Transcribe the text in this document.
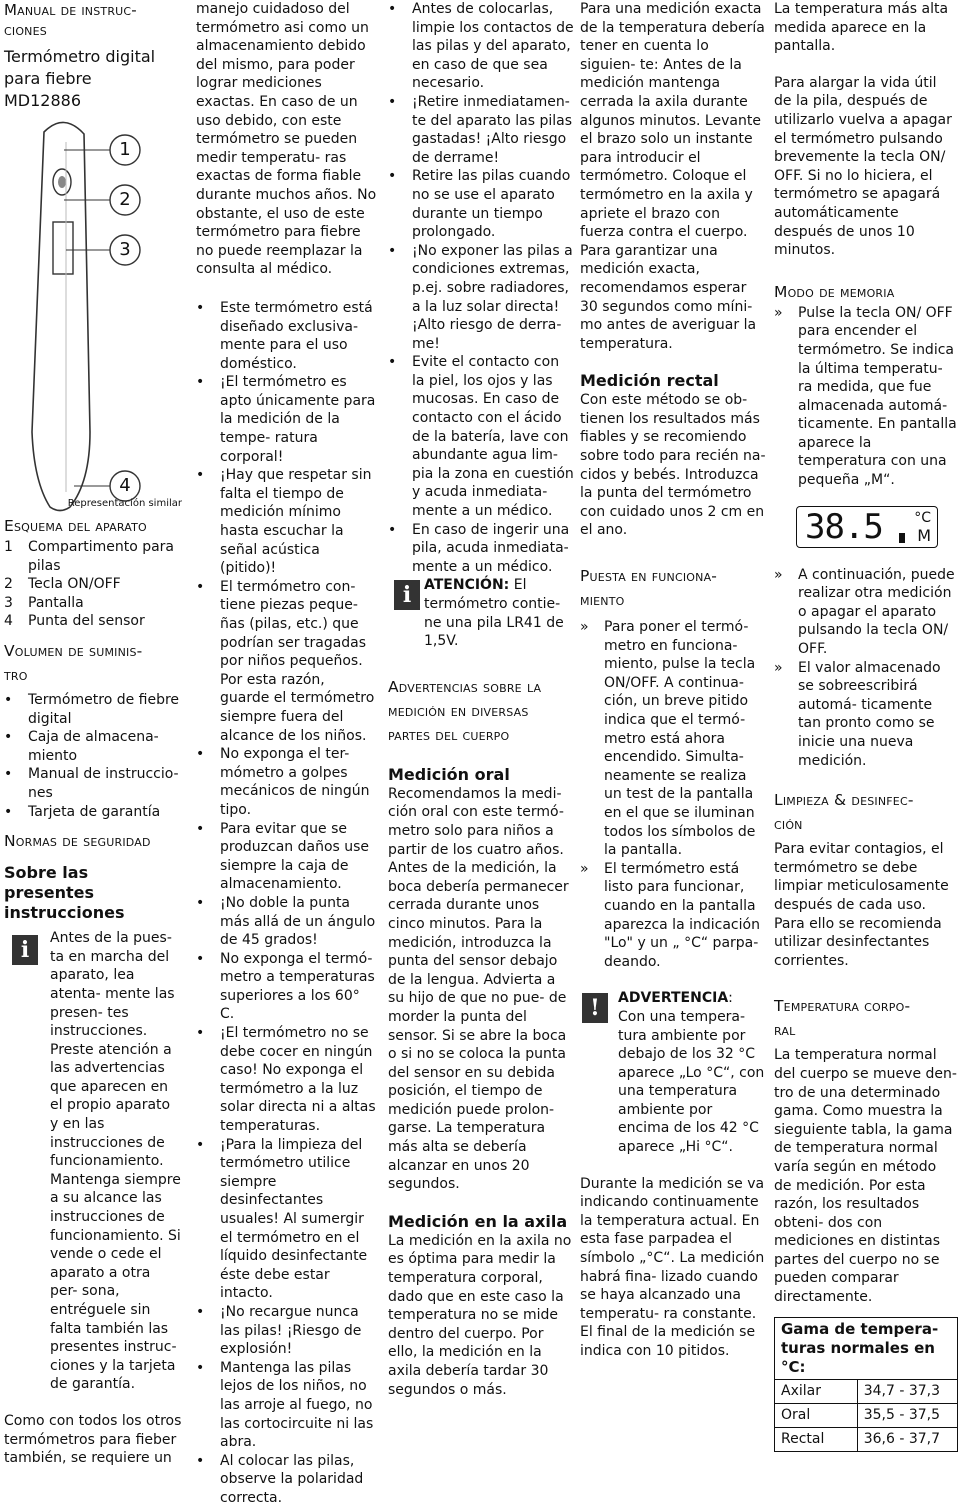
Manual de instruc-
ciones
Termómetro digital para fiebre MD12886
1
2
3
4
Representación similar
Esquema del aparato
1 Compartimento para pilas
2 Tecla ON/OFF
3 Pantalla
4 Punta del sensor
Volumen de suminis-
tro
• Termómetro de fiebre digital
• Caja de almacena- miento
• Manual de instruccio- nes
• Tarjeta de garantía
Normas de seguridad
Sobre las presentes instrucciones
i	Antes de la pues- ta en marcha del aparato, lea atenta- mente las presen- tes instrucciones. Preste atención a las advertencias que aparecen en el propio aparato y en las instrucciones de funcionamiento. Mantenga siempre a su alcance las instrucciones de funcionamiento. Si vende o cede el aparato a otra per- sona, entréguele sin falta también las presentes instruc- ciones y la tarjeta de garantía.

Como con todos los otros termómetros para fieber también, se requiere un

manejo cuidadoso del termómetro asi como un almacenamiento debido del mismo, para poder lograr mediciones exactas. En caso de un uso debido, con este termómetro se pueden medir temperatu- ras exactas de forma fiable durante muchos años. No obstante, el uso de este termómetro para fiebre no puede reemplazar la consulta al médico.

• Este termómetro está diseñado exclusiva- mente para el uso doméstico.
• ¡El termómetro es apto únicamente para la medición de la tempe- ratura corporal!
• ¡Hay que respetar sin falta el tiempo de medición mínimo hasta escuchar la señal acústica (pitido)!
• El termómetro con- tiene piezas peque- ñas (pilas, etc.) que podrían ser tragadas por niños pequeños. Por esta razón, guarde el termómetro siempre fuera del alcance de los niños.
• No exponga el ter- mómetro a golpes mecánicos de ningún tipo.
• Para evitar que se produzcan daños use siempre la caja de almacenamiento.
• ¡No doble la punta más allá de un ángulo de 45 grados!
• No exponga el termó- metro a temperaturas superiores a los 60° C.
• ¡El termómetro no se debe cocer en ningún caso! No exponga el termómetro a la luz solar directa ni a altas temperaturas.
• ¡Para la limpieza del termómetro utilice siempre desinfectantes usuales! Al sumergir el termómetro en el líquido desinfectante éste debe estar intacto.
• ¡No recargue nunca las pilas! ¡Riesgo de explosión!
• Mantenga las pilas lejos de los niños, no las arroje al fuego, no las cortocircuite ni las abra.
• Al colocar las pilas, observe la polaridad correcta.
• Antes de colocarlas, limpie los contactos de las pilas y del aparato, en caso de que sea necesario.
• ¡Retire inmediatamen- te del aparato las pilas gastadas! ¡Alto riesgo de derrame!
• Retire las pilas cuando no se use el aparato durante un tiempo prolongado.
• ¡No exponer las pilas a condiciones extremas, p.ej. sobre radiadores, a la luz solar directa! ¡Alto riesgo de derra- me!
• Evite el contacto con la piel, los ojos y las mucosas. En caso de contacto con el ácido de la batería, lave con abundante agua lim- pia la zona en cuestión y acuda inmediata- mente a un médico.
• En caso de ingerir una pila, acuda inmediata- mente a un médico.
i ATENCIÓN: El termómetro contie- ne una pila LR41 de 1,5V.

Advertencias sobre la
medición en diversas
partes del cuerpo
Medición oral

Recomendamos la medi- ción oral con este termó- metro solo para niños a partir de los cuatro años. Antes de la medición, la boca debería permanecer cerrada durante unos cinco minutos. Para la medición, introduzca la punta del sensor debajo de la lengua. Advierta a su hijo de que no pue- de morder la punta del sensor. Si se abre la boca o si no se coloca la punta del sensor en su debida posición, el tiempo de medición puede prolon- garse. La temperatura más alta se debería alcanzar en unos 20 segundos.

Medición en la axila

La medición en la axila no es óptima para medir la temperatura corporal, dado que en este caso la temperatura no se mide dentro del cuerpo. Por ello, la medición en la axila debería tardar 30 segundos o más.

Para una medición exacta de la temperatura debería tener en cuenta lo siguien- te: Antes de la medición mantenga cerrada la axila durante algunos minutos. Levante el brazo solo un instante para introducir el termómetro. Coloque el termómetro en la axila y apriete el brazo con fuerza contra el cuerpo. Para garantizar una medición exacta, recomendamos esperar 30 segundos como míni- mo antes de averiguar la temperatura.

Medición rectal

Con este método se ob- tienen los resultados más fiables y se recomiendo sobre todo para recién na- cidos y bebés. Introduzca la punta del termómetro con cuidado unos 2 cm en el ano.

Puesta en funciona-
miento
» Para poner el termó- metro en funciona- miento, pulse la tecla ON/OFF. A continua- ción, un breve pitido indica que el termó- metro está ahora encendido. Simulta- neamente se realiza un test de la pantalla en el que se iluminan todos los símbolos de la pantalla.
» El termómetro está listo para funcionar, cuando en la pantalla aparezca la indicación "Lo" y un „ °C“ parpa- deando.
!	ADVERTENCIA:

Con una tempera- tura ambiente por debajo de los 32 °C aparece „Lo °C“, con una temperatura ambiente por encima de los 42 °C aparece „Hi °C“.

Durante la medición se va indicando continuamente la temperatura actual. En esta fase parpadea el símbolo „°C“. La medición habrá fina- lizado cuando se haya alcanzado una temperatu- ra constante. El final de la medición se indica con 10 pitidos.

La temperatura más alta medida aparece en la pantalla.

Para alargar la vida útil de la pila, después de utilizarlo vuelva a apagar el termómetro pulsando brevemente la tecla ON/ OFF. Si no lo hiciera, el termómetro se apagará automáticamente después de unos 10 minutos.

Modo de memoria
» Pulse la tecla ON/ OFF para encender el termómetro. Se indica la última temperatu- ra medida, que fue almacenada automá- ticamente. En pantalla aparece la temperatura con una pequeña „M“.
38.5 °C
M
» A continuación, puede realizar otra medición o apagar el aparato pulsando la tecla ON/ OFF.
» El valor almacenado se sobreescribirá automá- ticamente tan pronto como se inicie una nueva medición.
Limpieza & desinfec-
ción

Para evitar contagios, el termómetro se debe limpiar meticulosamente después de cada uso. Para ello se recomienda utilizar desinfectantes corrientes.

Temperatura corpo-
ral

La temperatura normal del cuerpo se mueve den- tro de una determinado gama. Como muestra la sieguiente tabla, la gama de temperatura normal varía según en método de medición. Por esta razón, los resultados obteni- dos con mediciones en distintas partes del cuerpo no se pueden comparar directamente.

Gama de tempera- turas normales en °C:	
Axilar	34,7 - 37,3
Oral	35,5 - 37,5
Rectal	36,6 - 37,7
